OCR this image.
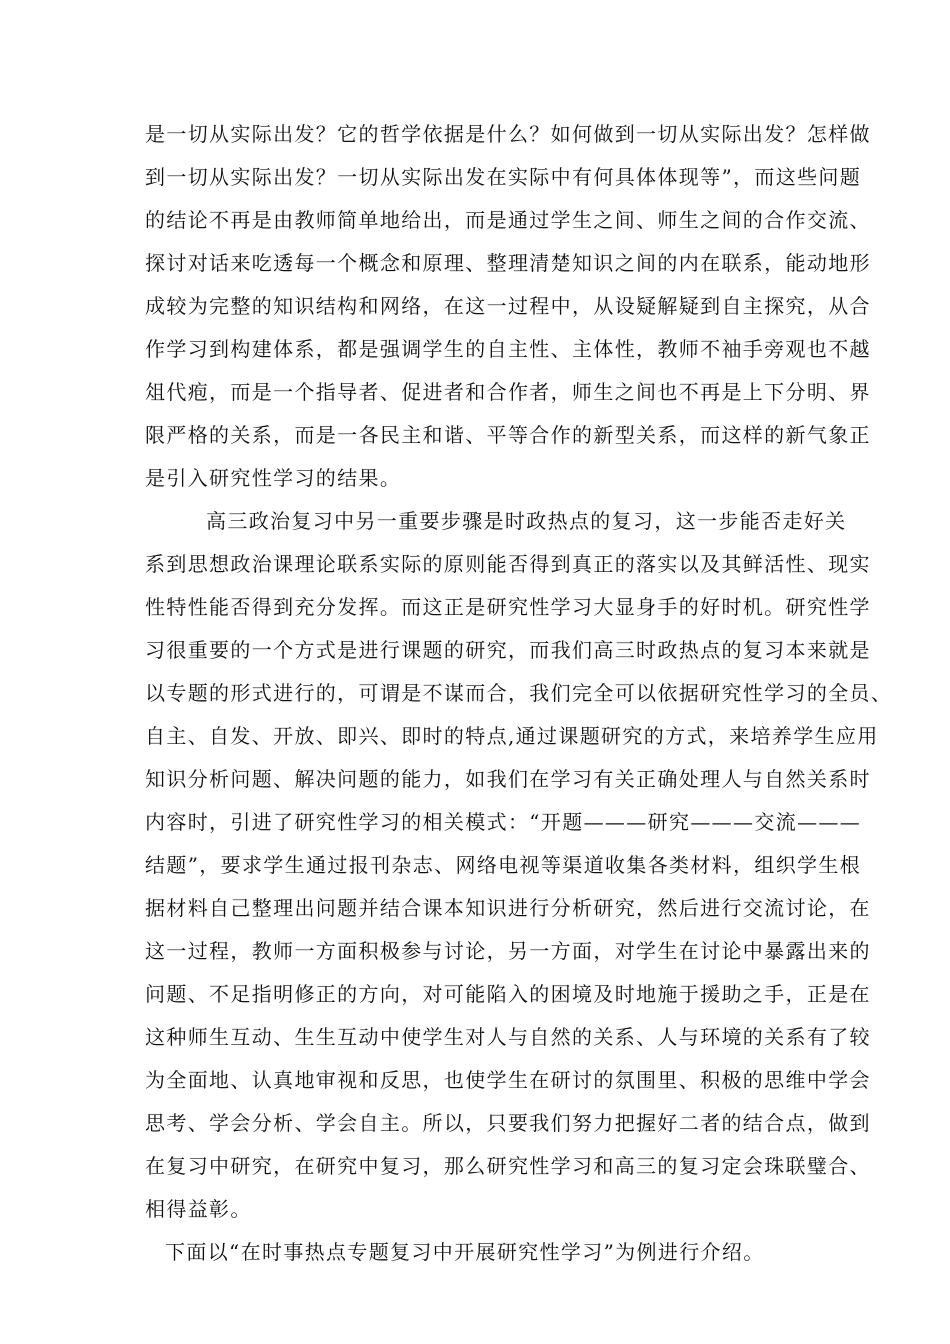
是一切从实际出发？它的哲学依据是什么？如何做到一切从实际出发？怎样做
到一切从实际出发？一切从实际出发在实际中有何具体体现等”，而这些问题
的结论不再是由教师简单地给出，而是通过学生之间、师生之间的合作交流、
探讨对话来吃透每一个概念和原理、整理清楚知识之间的内在联系，能动地形
成较为完整的知识结构和网络，在这一过程中，从设疑解疑到自主探究，从合
作学习到构建体系，都是强调学生的自主性、主体性，教师不袖手旁观也不越
俎代疱，而是一个指导者、促进者和合作者，师生之间也不再是上下分明、界
限严格的关系，而是一各民主和谐、平等合作的新型关系，而这样的新气象正
是引入研究性学习的结果。
高三政治复习中另一重要步骤是时政热点的复习，这一步能否走好关
系到思想政治课理论联系实际的原则能否得到真正的落实以及其鲜活性、现实
性特性能否得到充分发挥。而这正是研究性学习大显身手的好时机。研究性学
习很重要的一个方式是进行课题的研究，而我们高三时政热点的复习本来就是
以专题的形式进行的，可谓是不谋而合，我们完全可以依据研究性学习的全员、
自主、自发、开放、即兴、即时的特点,通过课题研究的方式，来培养学生应用
知识分析问题、解决问题的能力，如我们在学习有关正确处理人与自然关系时
内容时，引进了研究性学习的相关模式：“开题———研究———交流———
结题”，要求学生通过报刊杂志、网络电视等渠道收集各类材料，组织学生根
据材料自己整理出问题并结合课本知识进行分析研究，然后进行交流讨论，在
这一过程，教师一方面积极参与讨论，另一方面，对学生在讨论中暴露出来的
问题、不足指明修正的方向，对可能陷入的困境及时地施于援助之手，正是在
这种师生互动、生生互动中使学生对人与自然的关系、人与环境的关系有了较
为全面地、认真地审视和反思，也使学生在研讨的氛围里、积极的思维中学会
思考、学会分析、学会自主。所以，只要我们努力把握好二者的结合点，做到
在复习中研究，在研究中复习，那么研究性学习和高三的复习定会珠联璧合、
相得益彰。
下面以“在时事热点专题复习中开展研究性学习”为例进行介绍。
